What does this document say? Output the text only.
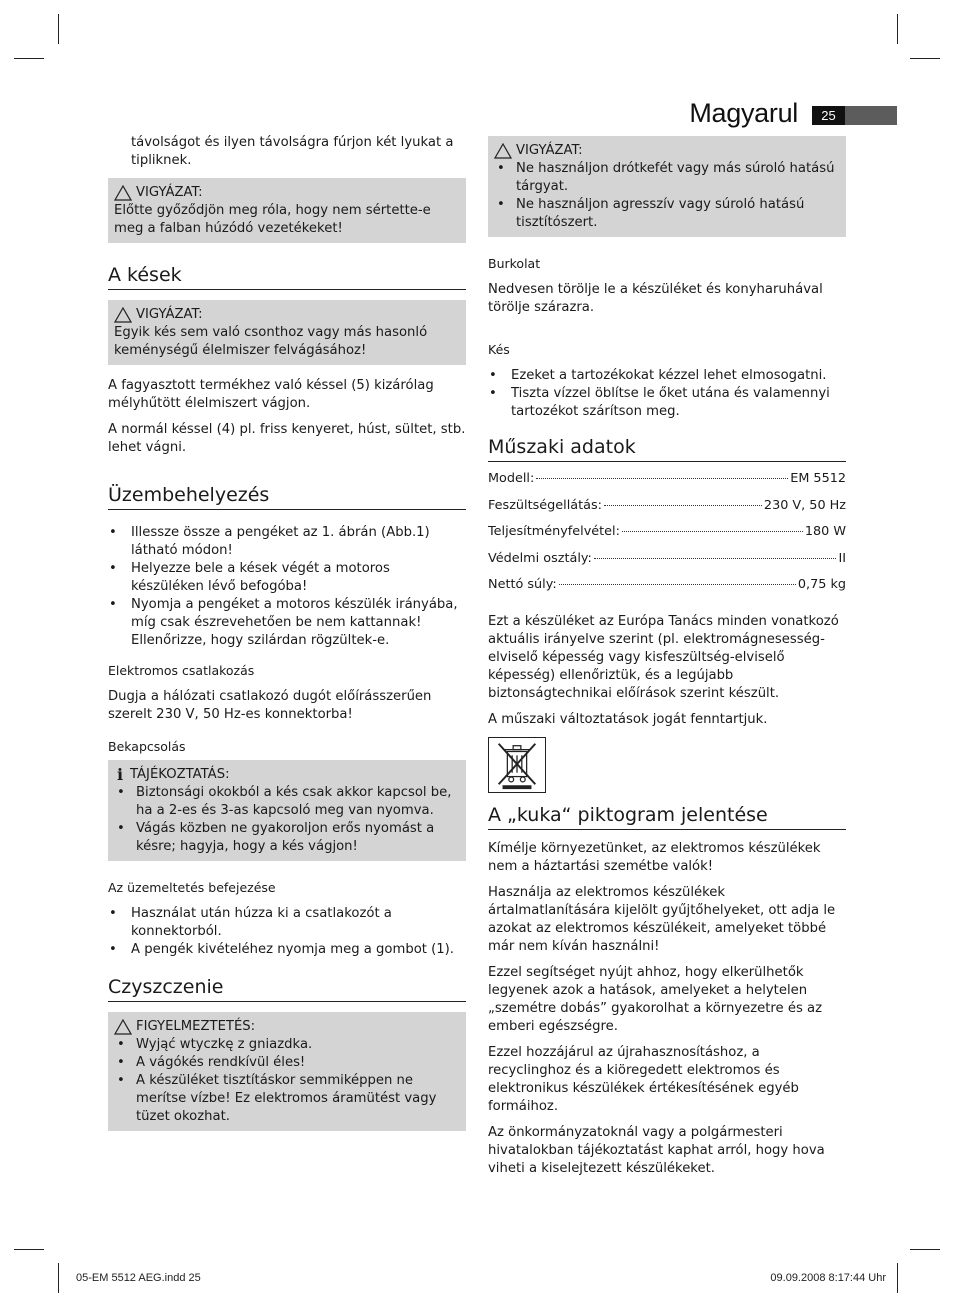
Magyarul	25

távolságot és ilyen távolságra fúrjon két lyukat a tipliknek.

VIGYÁZAT:

Előtte győződjön meg róla, hogy nem sértette-e meg a falban húzódó vezetékeket!

A kések
VIGYÁZAT:

Egyik kés sem való csonthoz vagy más hasonló keménységű élelmiszer felvágásához!

A fagyasztott termékhez való késsel (5) kizárólag mélyhűtött élelmiszert vágjon.

A normál késsel (4) pl. friss kenyeret, húst, sültet, stb. lehet vágni.

Üzembehelyezés
• Illessze össze a pengéket az 1. ábrán (Abb.1) látható módon!
• Helyezze bele a kések végét a motoros készüléken lévő befogóba!
• Nyomja a pengéket a motoros készülék irányába, míg csak észrevehetően be nem kattannak! Ellenőrizze, hogy szilárdan rögzültek-e.

Elektromos csatlakozás

Dugja a hálózati csatlakozó dugót előírásszerűen szerelt 230 V, 50 Hz-es konnektorba!

Bekapcsolás

i TÁJÉKOZTATÁS:
• Biztonsági okokból a kés csak akkor kapcsol be, ha a 2-es és 3-as kapcsoló meg van nyomva.
• Vágás közben ne gyakoroljon erős nyomást a késre; hagyja, hogy a kés vágjon!

Az üzemeltetés befejezése

• Használat után húzza ki a csatlakozót a konnektorból.
• A pengék kivételéhez nyomja meg a gombot (1).
Czyszczenie
FIGYELMEZTETÉS:
• Wyjąć wtyczkę z gniazdka.
• A vágókés rendkívül éles!
• A készüléket tisztításkor semmiképpen ne merítse vízbe! Ez elektromos áramütést vagy tüzet okozhat.
VIGYÁZAT:
• Ne használjon drótkefét vagy más súroló hatású tárgyat.
• Ne használjon agresszív vagy súroló hatású tisztítószert.

Burkolat

Nedvesen törölje le a készüléket és konyharuhával törölje szárazra.

Kés

• Ezeket a tartozékokat kézzel lehet elmosogatni.
• Tiszta vízzel öblítse le őket utána és valamennyi tartozékot szárítson meg.
Műszaki adatok
Modell:	EM 5512
Feszültségellátás:	230 V, 50 Hz
Teljesítményfelvétel:	180 W
Védelmi osztály:	II
Nettó súly:	0,75 kg

Ezt a készüléket az Európa Tanács minden vonatkozó aktuális irányelve szerint (pl. elektromágnesesség-elviselő képesség vagy kisfeszültség-elviselő képesség) ellenőriztük, és a legújabb biztonságtechnikai előírások szerint készült.

A műszaki változtatások jogát fenntartjuk.

A „kuka“ piktogram jelentése

Kímélje környezetünket, az elektromos készülékek nem a háztartási szemétbe valók!

Használja az elektromos készülékek ártalmatlanítására kijelölt gyűjtőhelyeket, ott adja le azokat az elektromos készülékeit, amelyeket többé már nem kíván használni!

Ezzel segítséget nyújt ahhoz, hogy elkerülhetők legyenek azok a hatások, amelyeket a helytelen „szemétre dobás” gyakorolhat a környezetre és az emberi egészségre.

Ezzel hozzájárul az újrahasznosításhoz, a recyclinghoz és a kiöregedett elektromos és elektronikus készülékek értékesítésének egyéb formáihoz.

Az önkormányzatoknál vagy a polgármesteri hivatalokban tájékoztatást kaphat arról, hogy hova viheti a kiselejtezett készülékeket.

05-EM 5512 AEG.indd 25	09.09.2008 8:17:44 Uhr
